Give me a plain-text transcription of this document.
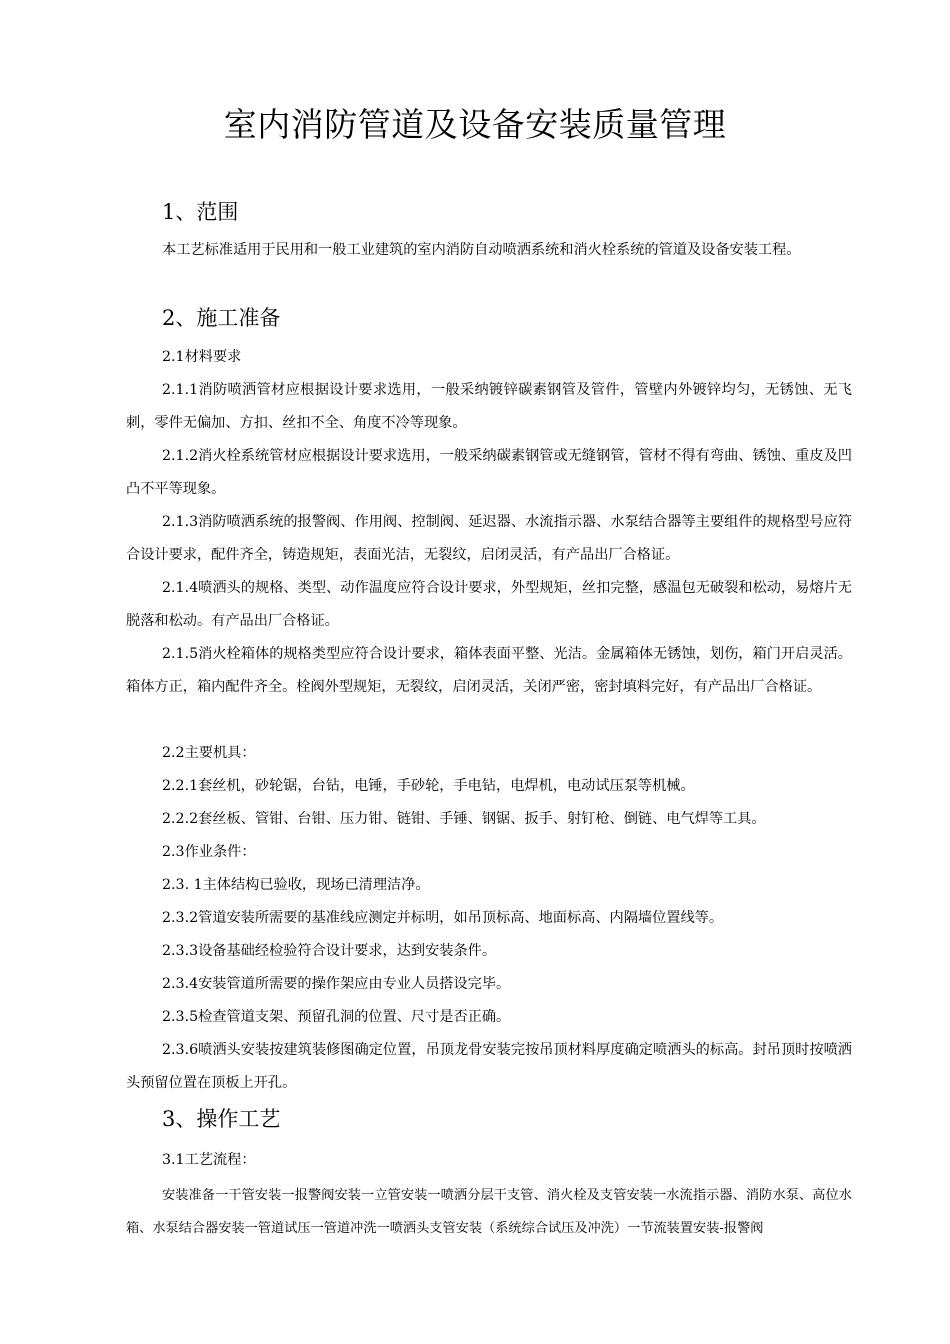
室内消防管道及设备安装质量管理
1、范围
本工艺标准适用于民用和一般工业建筑的室内消防自动喷洒系统和消火栓系统的管道及设备安装工程。
2、施工准备
2.1材料要求
2.1.1消防喷洒管材应根据设计要求选用，一般采纳镀锌碳素钢管及管件，管壁内外镀锌均匀，无锈蚀、无飞刺，零件无偏加、方扣、丝扣不全、角度不冷等现象。
2.1.2消火栓系统管材应根据设计要求选用，一般采纳碳素钢管或无缝钢管，管材不得有弯曲、锈蚀、重皮及凹凸不平等现象。
2.1.3消防喷洒系统的报警阀、作用阀、控制阀、延迟器、水流指示器、水泵结合器等主要组件的规格型号应符合设计要求，配件齐全，铸造规矩，表面光洁，无裂纹，启闭灵活，有产品出厂合格证。
2.1.4喷洒头的规格、类型、动作温度应符合设计要求，外型规矩，丝扣完整，感温包无破裂和松动，易熔片无脱落和松动。有产品出厂合格证。
2.1.5消火栓箱体的规格类型应符合设计要求，箱体表面平整、光洁。金属箱体无锈蚀，划伤，箱门开启灵活。箱体方正，箱内配件齐全。栓阀外型规矩，无裂纹，启闭灵活，关闭严密，密封填料完好，有产品出厂合格证。
2.2主要机具：
2.2.1套丝机，砂轮锯，台钻，电锤，手砂轮，手电钻，电焊机，电动试压泵等机械。
2.2.2套丝板、管钳、台钳、压力钳、链钳、手锤、钢锯、扳手、射钉枪、倒链、电气焊等工具。
2.3作业条件：
2.3. 1主体结构已验收，现场已清理洁净。
2.3.2管道安装所需要的基准线应测定并标明，如吊顶标高、地面标高、内隔墙位置线等。
2.3.3设备基础经检验符合设计要求，达到安装条件。
2.3.4安装管道所需要的操作架应由专业人员搭设完毕。
2.3.5检查管道支架、预留孔洞的位置、尺寸是否正确。
2.3.6喷洒头安装按建筑装修图确定位置，吊顶龙骨安装完按吊顶材料厚度确定喷洒头的标高。封吊顶时按喷洒头预留位置在顶板上开孔。
3、操作工艺
3.1工艺流程：
安装准备一干管安装一报警阀安装一立管安装一喷洒分层干支管、消火栓及支管安装一水流指示器、消防水泵、高位水箱、水泵结合器安装一管道试压一管道冲洗一喷洒头支管安装（系统综合试压及冲洗）一节流装置安装-报警阀
